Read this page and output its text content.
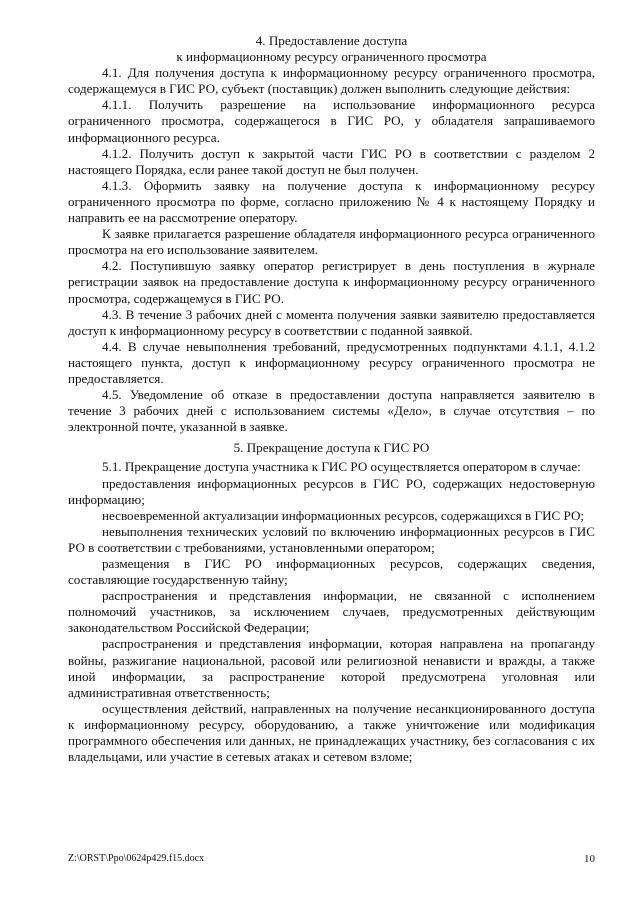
4. Предоставление доступа
к информационному ресурсу ограниченного просмотра

4.1. Для получения доступа к информационному ресурсу ограниченного просмотра, содержащемуся в ГИС РО, субъект (поставщик) должен выполнить следующие действия:

4.1.1. Получить разрешение на использование информационного ресурса ограниченного просмотра, содержащегося в ГИС РО, у обладателя запрашиваемого информационного ресурса.

4.1.2. Получить доступ к закрытой части ГИС РО в соответствии с разделом 2 настоящего Порядка, если ранее такой доступ не был получен.

4.1.3. Оформить заявку на получение доступа к информационному ресурсу ограниченного просмотра по форме, согласно приложению № 4 к настоящему Порядку и направить ее на рассмотрение оператору.

К заявке прилагается разрешение обладателя информационного ресурса ограниченного просмотра на его использование заявителем.

4.2. Поступившую заявку оператор регистрирует в день поступления в журнале регистрации заявок на предоставление доступа к информационному ресурсу ограниченного просмотра, содержащемуся в ГИС РО.

4.3. В течение 3 рабочих дней с момента получения заявки заявителю предоставляется доступ к информационному ресурсу в соответствии с поданной заявкой.

4.4. В случае невыполнения требований, предусмотренных подпунктами 4.1.1, 4.1.2 настоящего пункта, доступ к информационному ресурсу ограниченного просмотра не предоставляется.

4.5. Уведомление об отказе в предоставлении доступа направляется заявителю в течение 3 рабочих дней с использованием системы «Дело», в случае отсутствия – по электронной почте, указанной в заявке.

5. Прекращение доступа к ГИС РО

5.1. Прекращение доступа участника к ГИС РО осуществляется оператором в случае:

предоставления информационных ресурсов в ГИС РО, содержащих недостоверную информацию;

несвоевременной актуализации информационных ресурсов, содержащихся в ГИС РО;

невыполнения технических условий по включению информационных ресурсов в ГИС РО в соответствии с требованиями, установленными оператором;

размещения в ГИС РО информационных ресурсов, содержащих сведения, составляющие государственную тайну;

распространения и представления информации, не связанной с исполнением полномочий участников, за исключением случаев, предусмотренных действующим законодательством Российской Федерации;

распространения и представления информации, которая направлена на пропаганду войны, разжигание национальной, расовой или религиозной ненависти и вражды, а также иной информации, за распространение которой предусмотрена уголовная или административная ответственность;

осуществления действий, направленных на получение несанкционированного доступа к информационному ресурсу, оборудованию, а также уничтожение или модификация программного обеспечения или данных, не принадлежащих участнику, без согласования с их владельцами, или участие в сетевых атаках и сетевом взломе;

Z:\ORST\Ppo\0624p429.f15.docx	10
